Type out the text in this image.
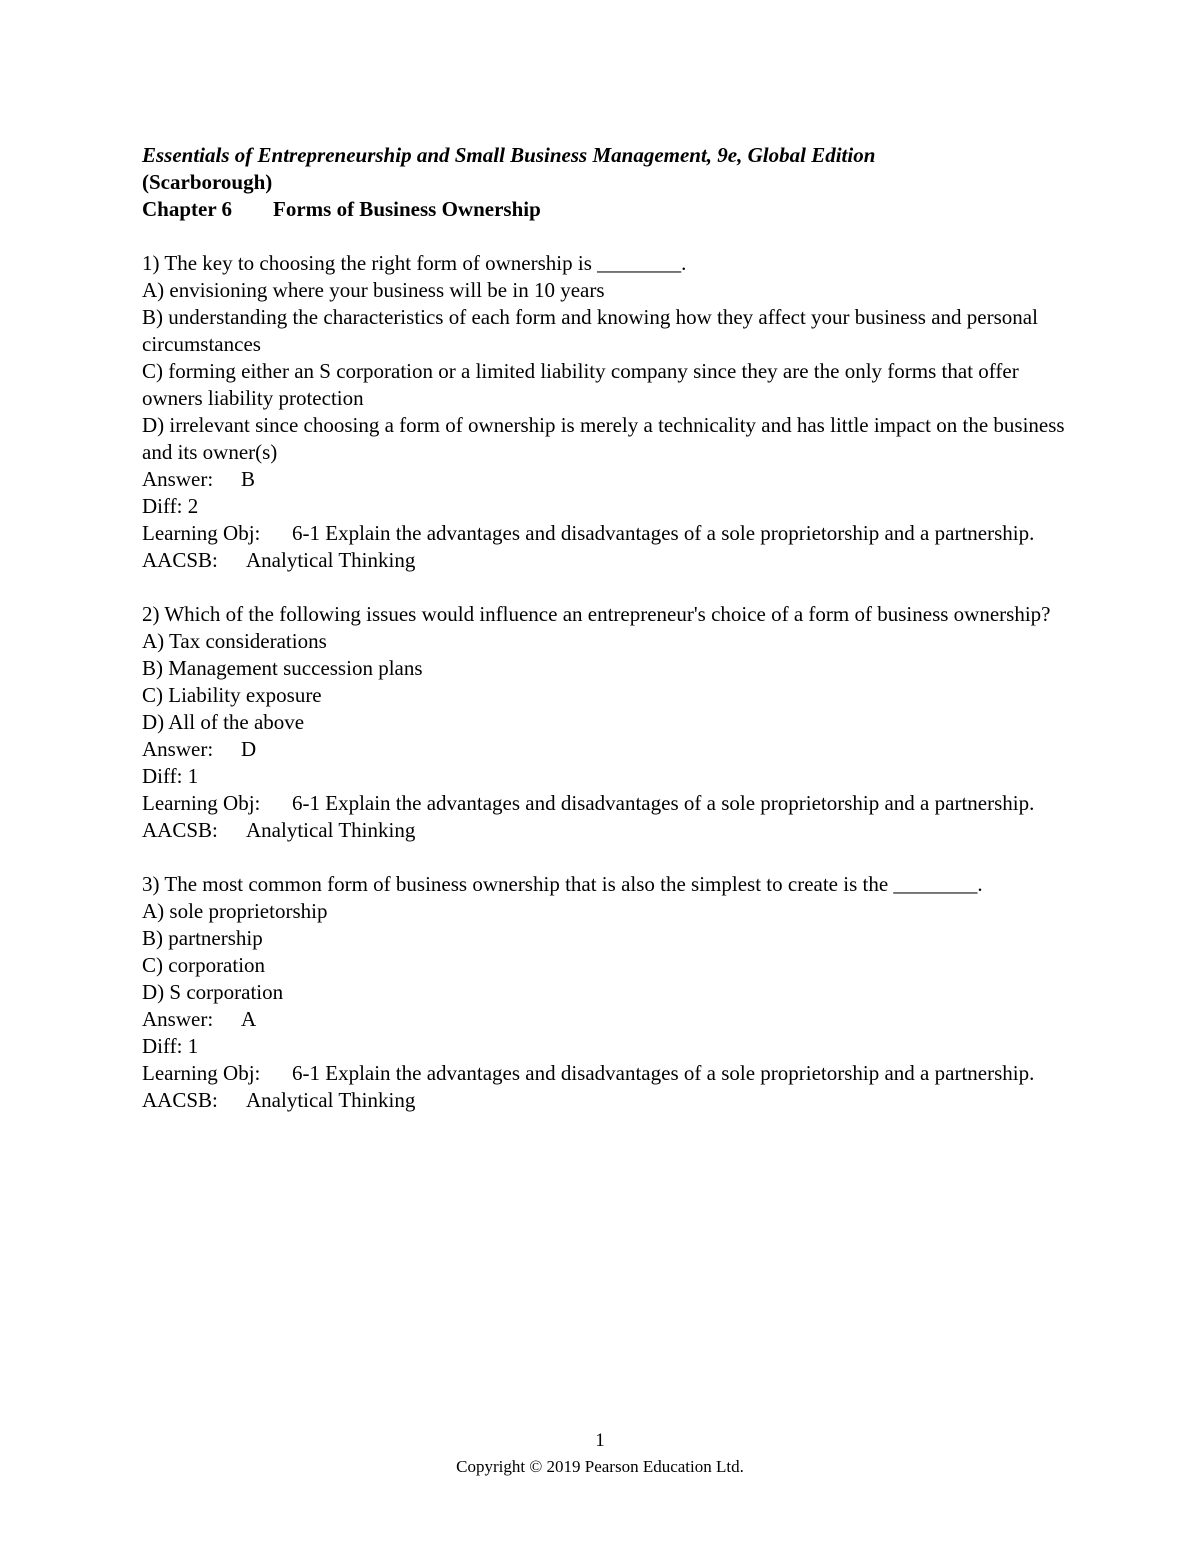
Essentials of Entrepreneurship and Small Business Management, 9e, Global Edition
(Scarborough)
Chapter 6 Forms of Business Ownership
1) The key to choosing the right form of ownership is ________.
A) envisioning where your business will be in 10 years
B) understanding the characteristics of each form and knowing how they affect your business and personal circumstances
C) forming either an S corporation or a limited liability company since they are the only forms that offer owners liability protection
D) irrelevant since choosing a form of ownership is merely a technicality and has little impact on the business and its owner(s)
Answer: B
Diff: 2
Learning Obj: 6-1 Explain the advantages and disadvantages of a sole proprietorship and a partnership.
AACSB: Analytical Thinking
2) Which of the following issues would influence an entrepreneur's choice of a form of business ownership?
A) Tax considerations
B) Management succession plans
C) Liability exposure
D) All of the above
Answer: D
Diff: 1
Learning Obj: 6-1 Explain the advantages and disadvantages of a sole proprietorship and a partnership.
AACSB: Analytical Thinking
3) The most common form of business ownership that is also the simplest to create is the ________.
A) sole proprietorship
B) partnership
C) corporation
D) S corporation
Answer: A
Diff: 1
Learning Obj: 6-1 Explain the advantages and disadvantages of a sole proprietorship and a partnership.
AACSB: Analytical Thinking
1
Copyright © 2019 Pearson Education Ltd.
